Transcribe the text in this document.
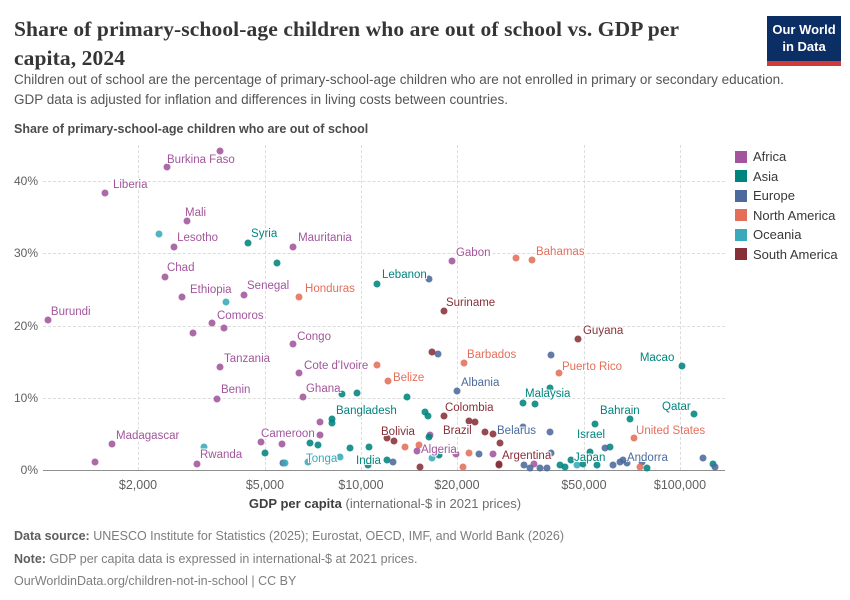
Share of primary-school-age children who are out of school vs. GDP per capita, 2024
Our World
in Data
Children out of school are the percentage of primary-school-age children who are not enrolled in primary or secondary education. GDP data is adjusted for inflation and differences in living costs between countries.
Share of primary-school-age children who are out of school
0%
10%
20%
30%
40%
$2,000	$5,000	$10,000	$20,000	$50,000	$100,000
Burkina Faso
Liberia
Mali
Lesotho	Mauritania
Chad
Ethiopia Senegal
Comoros
Burundi
Gabon
Tanzania
Congo
Cote d'Ivoire
Benin	Ghana
Madagascar
Rwanda
Cameroon
Algeria
Syria
Lebanon
Macao
Malaysia
Bahrain Qatar
Israel
Bangladesh
India	Japan
Albania
Belarus
Andorra
Honduras
Bahamas
Barbados
Belize
Puerto Rico
United States
Tonga
Suriname
Guyana
Colombia
Brazil
Bolivia
Argentina
GDP per capita (international-$ in 2021 prices)
Africa
Asia
Europe
North America
Oceania
South America
Data source: UNESCO Institute for Statistics (2025); Eurostat, OECD, IMF, and World Bank (2026)
Note: GDP per capita data is expressed in international-$ at 2021 prices.
OurWorldinData.org/children-not-in-school | CC BY
